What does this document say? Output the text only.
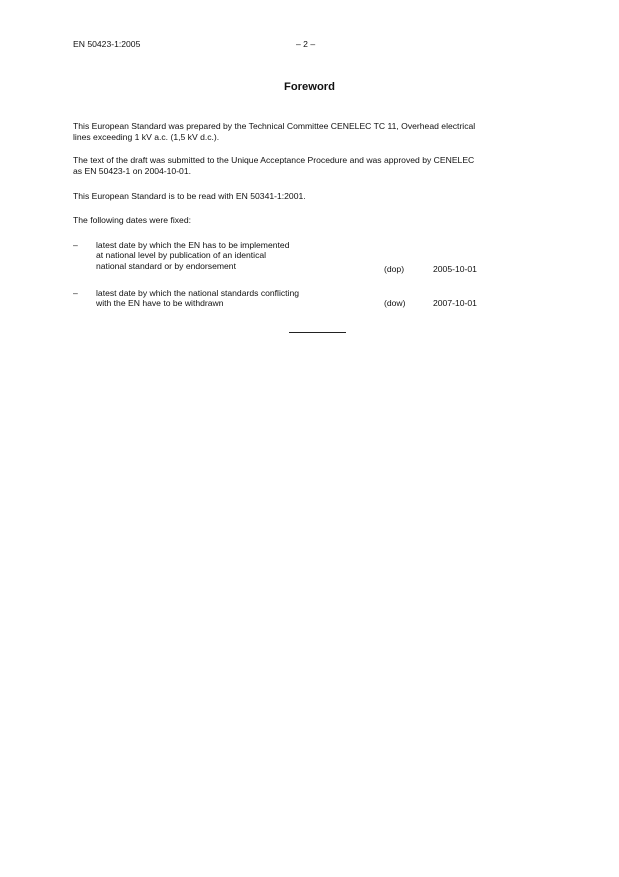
EN 50423-1:2005	– 2 –
Foreword
This European Standard was prepared by the Technical Committee CENELEC TC 11, Overhead electrical
lines exceeding 1 kV a.c. (1,5 kV d.c.).
The text of the draft was submitted to the Unique Acceptance Procedure and was approved by CENELEC
as EN 50423-1 on 2004-10-01.
This European Standard is to be read with EN 50341-1:2001.
The following dates were fixed:
– latest date by which the EN has to be implemented
at national level by publication of an identical
national standard or by endorsement	(dop)	2005-10-01
– latest date by which the national standards conflicting
with the EN have to be withdrawn	(dow)	2007-10-01
